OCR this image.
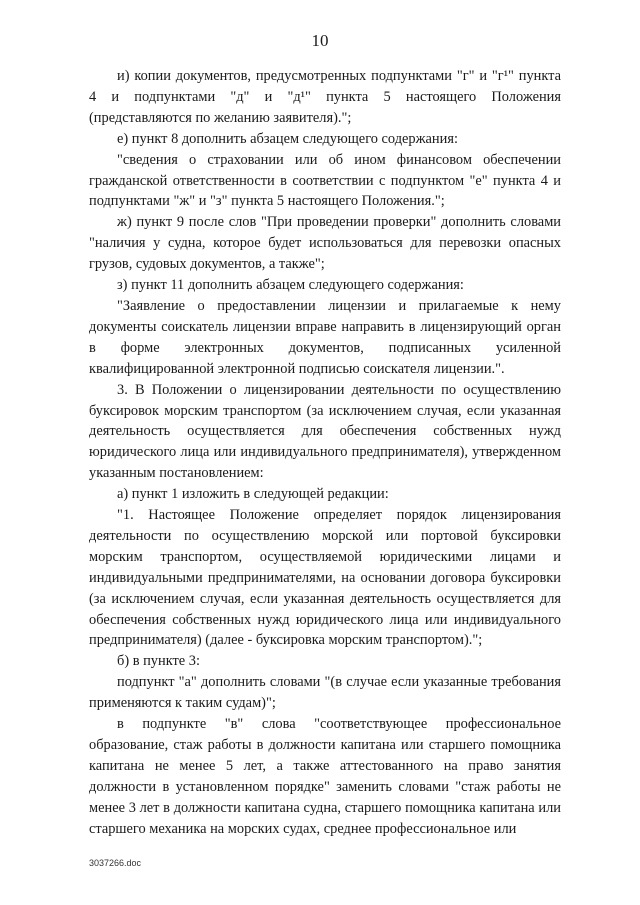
10

и) копии документов, предусмотренных подпунктами "г" и "г¹" пункта 4 и подпунктами "д" и "д¹" пункта 5 настоящего Положения (представляются по желанию заявителя).";

е) пункт 8 дополнить абзацем следующего содержания:

"сведения о страховании или об ином финансовом обеспечении гражданской ответственности в соответствии с подпунктом "е" пункта 4 и подпунктами "ж" и "з" пункта 5 настоящего Положения.";

ж) пункт 9 после слов "При проведении проверки" дополнить словами "наличия у судна, которое будет использоваться для перевозки опасных грузов, судовых документов, а также";

з) пункт 11 дополнить абзацем следующего содержания:

"Заявление о предоставлении лицензии и прилагаемые к нему документы соискатель лицензии вправе направить в лицензирующий орган в форме электронных документов, подписанных усиленной квалифицированной электронной подписью соискателя лицензии.".

3. В Положении о лицензировании деятельности по осуществлению буксировок морским транспортом (за исключением случая, если указанная деятельность осуществляется для обеспечения собственных нужд юридического лица или индивидуального предпринимателя), утвержденном указанным постановлением:

а) пункт 1 изложить в следующей редакции:

"1. Настоящее Положение определяет порядок лицензирования деятельности по осуществлению морской или портовой буксировки морским транспортом, осуществляемой юридическими лицами и индивидуальными предпринимателями, на основании договора буксировки (за исключением случая, если указанная деятельность осуществляется для обеспечения собственных нужд юридического лица или индивидуального предпринимателя) (далее - буксировка морским транспортом).";

б) в пункте 3:

подпункт "а" дополнить словами "(в случае если указанные требования применяются к таким судам)";

в подпункте "в" слова "соответствующее профессиональное образование, стаж работы в должности капитана или старшего помощника капитана не менее 5 лет, а также аттестованного на право занятия должности в установленном порядке" заменить словами "стаж работы не менее 3 лет в должности капитана судна, старшего помощника капитана или старшего механика на морских судах, среднее профессиональное или

3037266.doc
